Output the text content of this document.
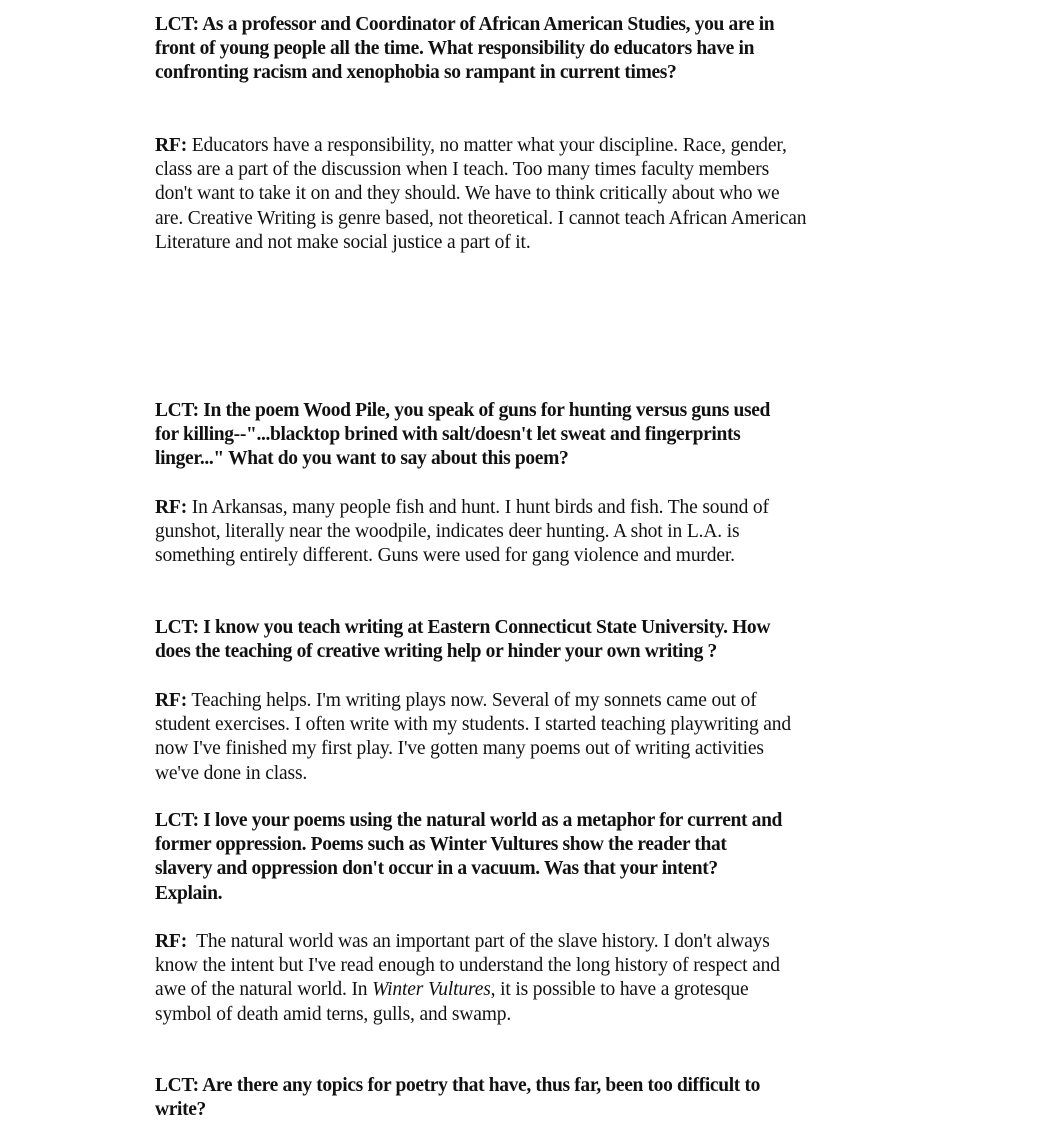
LCT: As a professor and Coordinator of African American Studies, you are in
front of young people all the time. What responsibility do educators have in
confronting racism and xenophobia so rampant in current times?
RF: Educators have a responsibility, no matter what your discipline. Race, gender,
class are a part of the discussion when I teach. Too many times faculty members
don't want to take it on and they should. We have to think critically about who we
are. Creative Writing is genre based, not theoretical. I cannot teach African American
Literature and not make social justice a part of it.
LCT: In the poem Wood Pile, you speak of guns for hunting versus guns used
for killing--"...blacktop brined with salt/doesn't let sweat and fingerprints
linger..." What do you want to say about this poem?
RF: In Arkansas, many people fish and hunt. I hunt birds and fish. The sound of
gunshot, literally near the woodpile, indicates deer hunting. A shot in L.A. is
something entirely different. Guns were used for gang violence and murder.
LCT: I know you teach writing at Eastern Connecticut State University. How
does the teaching of creative writing help or hinder your own writing ?
RF: Teaching helps. I'm writing plays now. Several of my sonnets came out of
student exercises. I often write with my students. I started teaching playwriting and
now I've finished my first play. I've gotten many poems out of writing activities
we've done in class.
LCT: I love your poems using the natural world as a metaphor for current and
former oppression. Poems such as Winter Vultures show the reader that
slavery and oppression don't occur in a vacuum. Was that your intent?
Explain.
RF:  The natural world was an important part of the slave history. I don't always
know the intent but I've read enough to understand the long history of respect and
awe of the natural world. In Winter Vultures, it is possible to have a grotesque
symbol of death amid terns, gulls, and swamp.
LCT: Are there any topics for poetry that have, thus far, been too difficult to
write?
